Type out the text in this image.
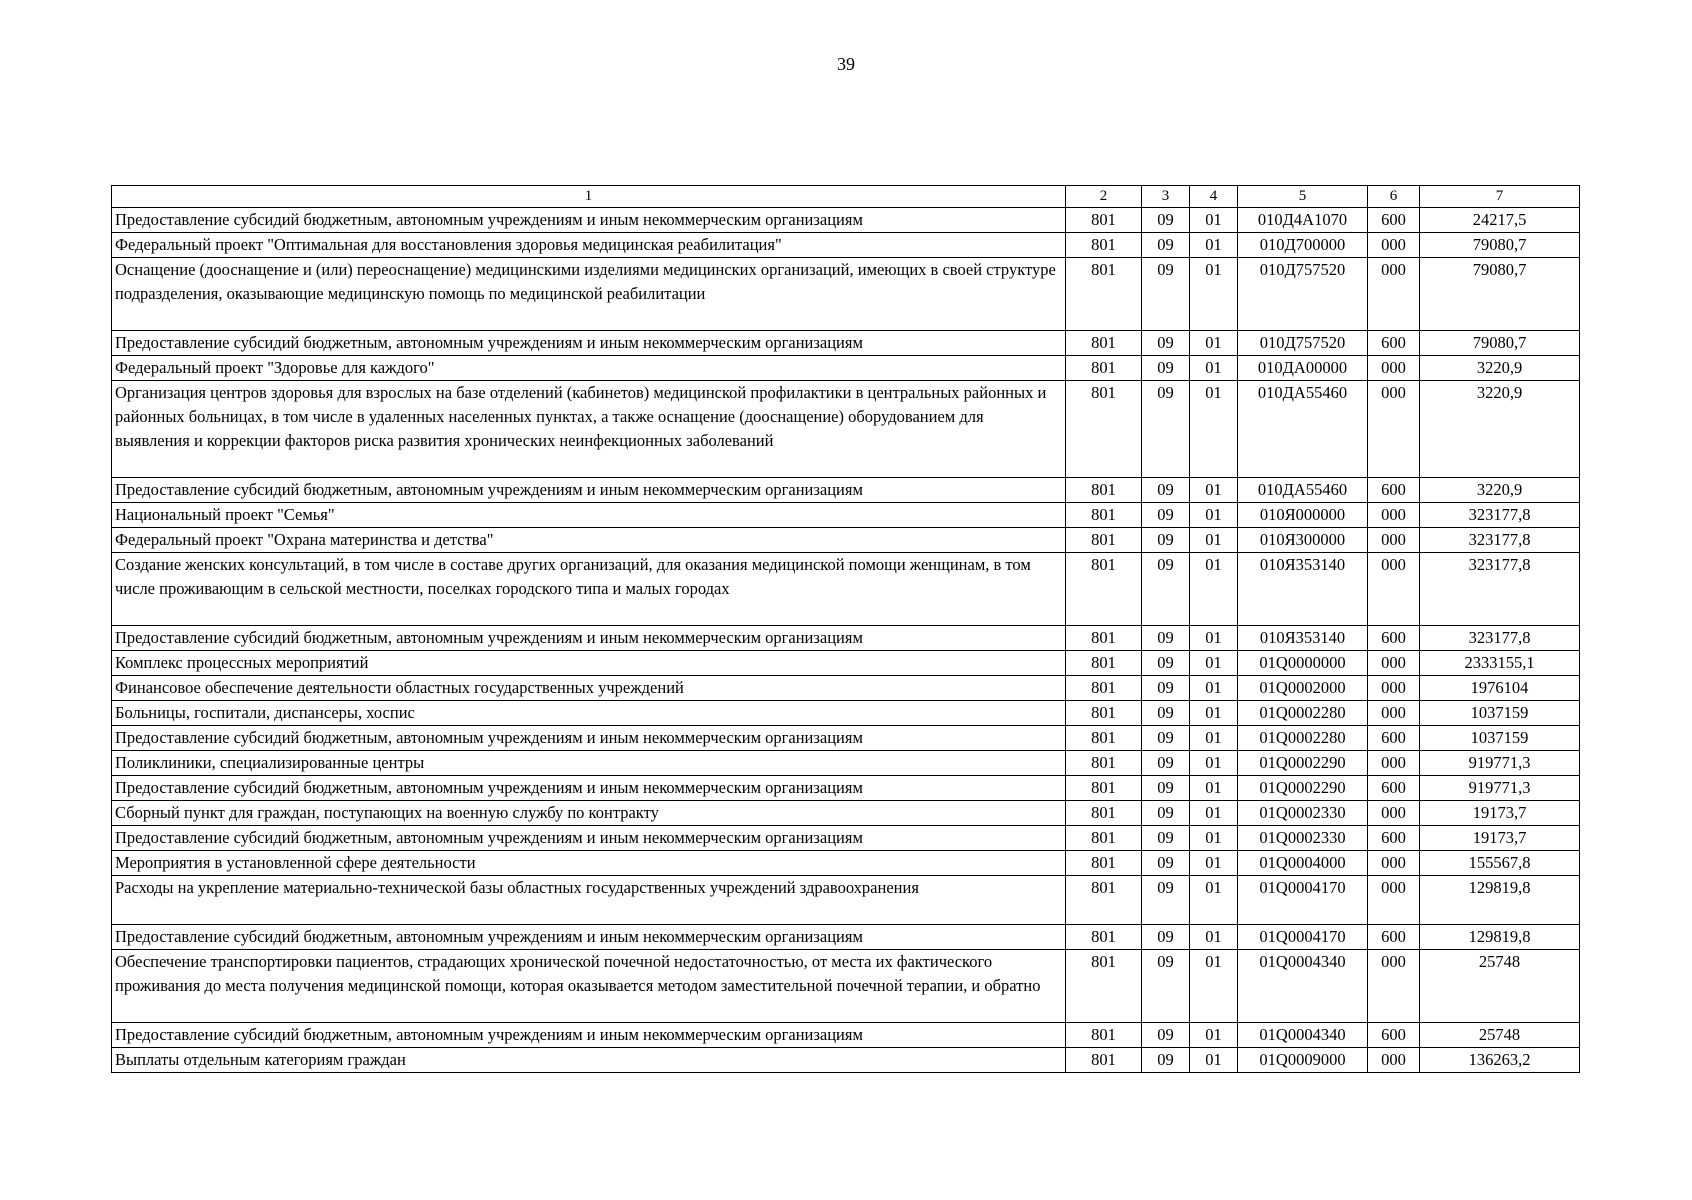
39
1	2	3	4	5	6	7
Предоставление субсидий бюджетным, автономным учреждениям и иным некоммерческим организациям	801	09	01	010Д4А1070	600	24217,5
Федеральный проект "Оптимальная для восстановления здоровья медицинская реабилитация"	801	09	01	010Д700000	000	79080,7
Оснащение (дооснащение и (или) переоснащение) медицинскими изделиями медицинских организаций, имеющих в своей структуре подразделения, оказывающие медицинскую помощь по медицинской реабилитации	801	09	01	010Д757520	000	79080,7
Предоставление субсидий бюджетным, автономным учреждениям и иным некоммерческим организациям	801	09	01	010Д757520	600	79080,7
Федеральный проект "Здоровье для каждого"	801	09	01	010ДА00000	000	3220,9
Организация центров здоровья для взрослых на базе отделений (кабинетов) медицинской профилактики в центральных районных и районных больницах, в том числе в удаленных населенных пунктах, а также оснащение (дооснащение) оборудованием для выявления и коррекции факторов риска развития хронических неинфекционных заболеваний	801	09	01	010ДА55460	000	3220,9
Предоставление субсидий бюджетным, автономным учреждениям и иным некоммерческим организациям	801	09	01	010ДА55460	600	3220,9
Национальный проект "Семья"	801	09	01	010Я000000	000	323177,8
Федеральный проект "Охрана материнства и детства"	801	09	01	010Я300000	000	323177,8
Создание женских консультаций, в том числе в составе других организаций, для оказания медицинской помощи женщинам, в том числе проживающим в сельской местности, поселках городского типа и малых городах	801	09	01	010Я353140	000	323177,8
Предоставление субсидий бюджетным, автономным учреждениям и иным некоммерческим организациям	801	09	01	010Я353140	600	323177,8
Комплекс процессных мероприятий	801	09	01	01Q0000000	000	2333155,1
Финансовое обеспечение деятельности областных государственных учреждений	801	09	01	01Q0002000	000	1976104
Больницы, госпитали, диспансеры, хоспис	801	09	01	01Q0002280	000	1037159
Предоставление субсидий бюджетным, автономным учреждениям и иным некоммерческим организациям	801	09	01	01Q0002280	600	1037159
Поликлиники, специализированные центры	801	09	01	01Q0002290	000	919771,3
Предоставление субсидий бюджетным, автономным учреждениям и иным некоммерческим организациям	801	09	01	01Q0002290	600	919771,3
Сборный пункт для граждан, поступающих на военную службу по контракту	801	09	01	01Q0002330	000	19173,7
Предоставление субсидий бюджетным, автономным учреждениям и иным некоммерческим организациям	801	09	01	01Q0002330	600	19173,7
Мероприятия в установленной сфере деятельности	801	09	01	01Q0004000	000	155567,8
Расходы на укрепление материально-технической базы областных государственных учреждений здравоохранения	801	09	01	01Q0004170	000	129819,8
Предоставление субсидий бюджетным, автономным учреждениям и иным некоммерческим организациям	801	09	01	01Q0004170	600	129819,8
Обеспечение транспортировки пациентов, страдающих хронической почечной недостаточностью, от места их фактического проживания до места получения медицинской помощи, которая оказывается методом заместительной почечной терапии, и обратно	801	09	01	01Q0004340	000	25748
Предоставление субсидий бюджетным, автономным учреждениям и иным некоммерческим организациям	801	09	01	01Q0004340	600	25748
Выплаты отдельным категориям граждан	801	09	01	01Q0009000	000	136263,2
